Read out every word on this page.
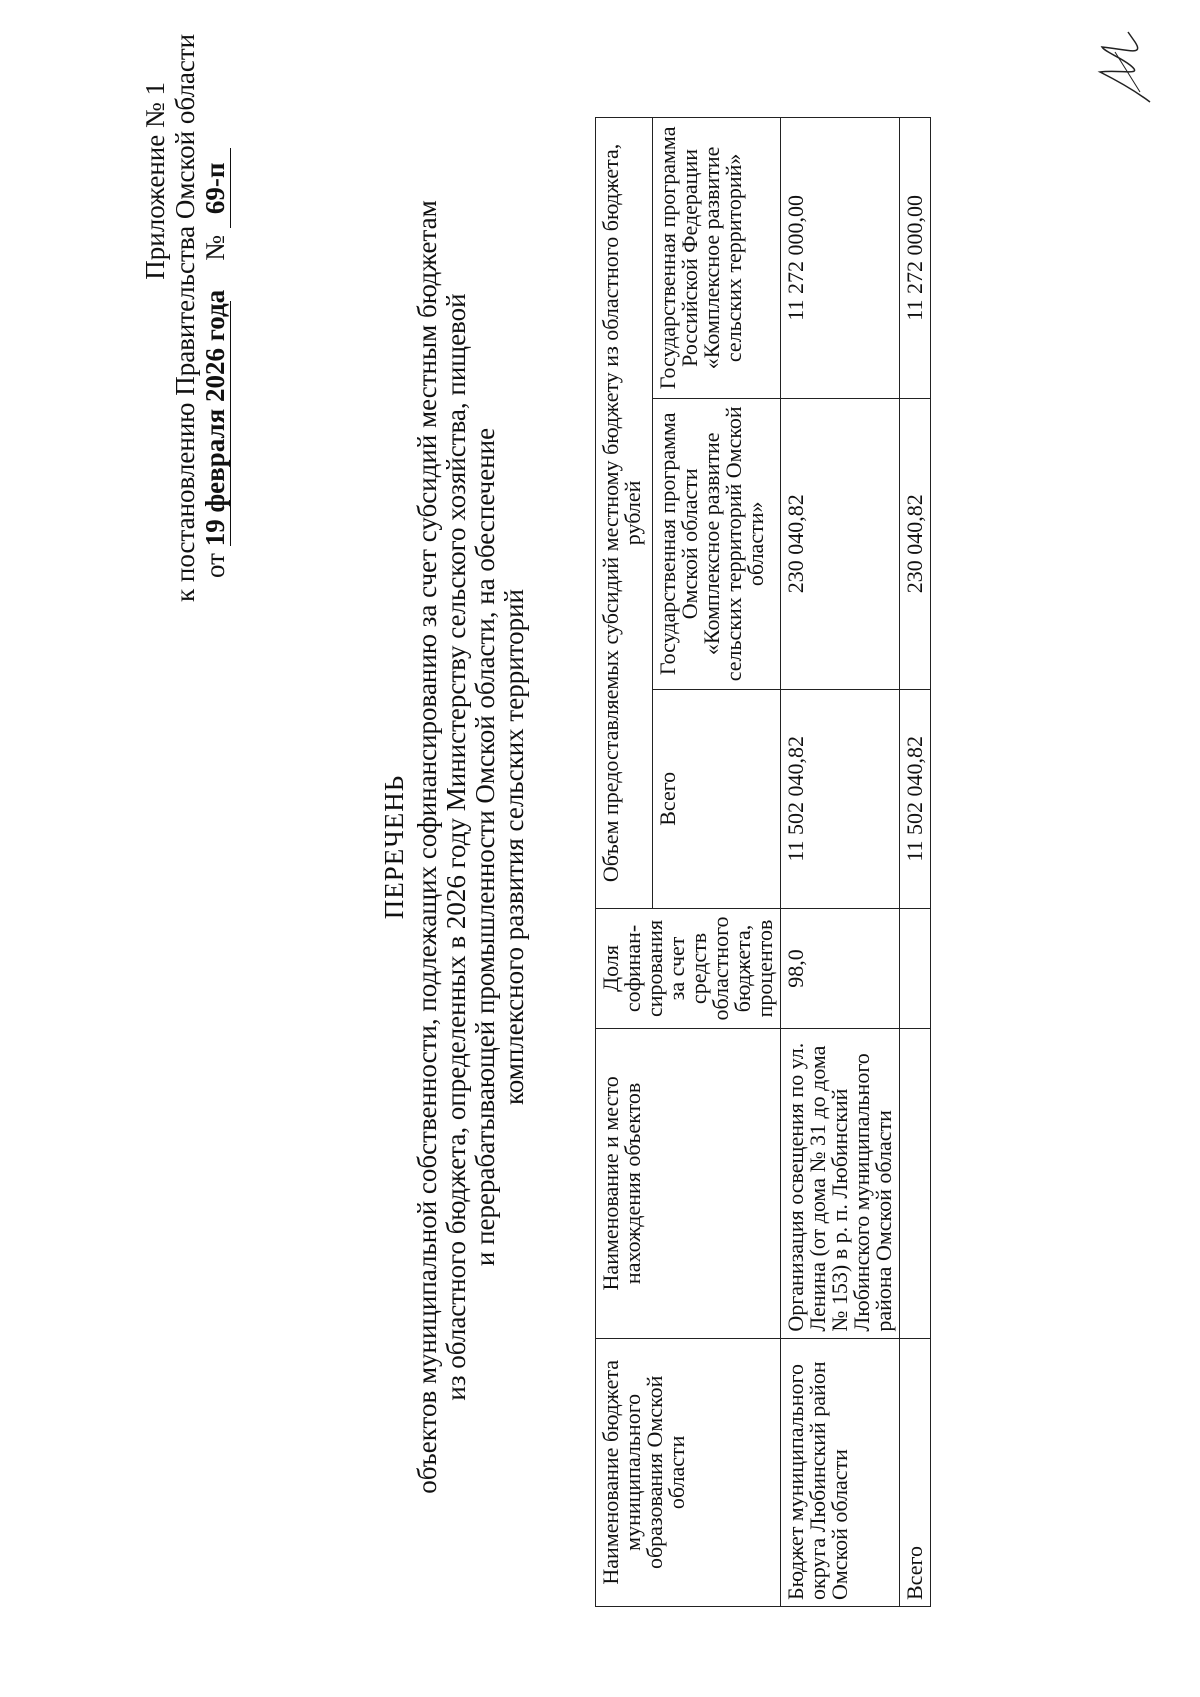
Приложение № 1 к постановлению Правительства Омской области от 19 февраля 2026 года      № 69-п
ПЕРЕЧЕНЬ объектов муниципальной собственности, подлежащих софинансированию за счет субсидий местным бюджетам из областного бюджета, определенных в 2026 году Министерству сельского хозяйства, пищевой и перерабатывающей промышленности Омской области, на обеспечение комплексного развития сельских территорий
Наименование бюджета муниципального образования Омской области	Наименование и место нахождения объектов	Доля софинан-сирования за счет средств областного бюджета, процентов	Объем предоставляемых субсидий местному бюджету из областного бюджета, рублей		
			Всего	Государственная программа Омской области «Комплексное развитие сельских территорий Омской области»	Государственная программа Российской Федерации «Комплексное развитие сельских территорий»
Бюджет муниципального округа Любинский район Омской области	Организация освещения по ул. Ленина (от дома № 31 до дома № 153) в р. п. Любинский Любинского муниципального района Омской области	98,0	11 502 040,82	230 040,82	11 272 000,00
Всего			11 502 040,82	230 040,82	11 272 000,00
